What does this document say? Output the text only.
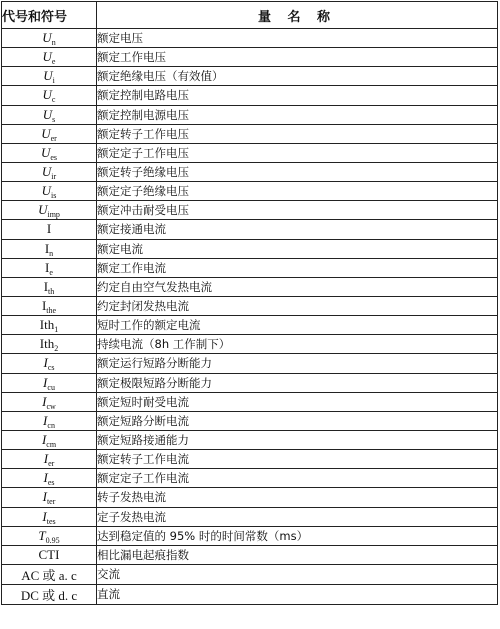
代号和符号	量 名 称
$U_n$	额定电压
$U_e$	额定工作电压
$U_i$	额定绝缘电压（有效值）
$U_c$	额定控制电路电压
$U_s$	额定控制电源电压
$U_{er}$	额定转子工作电压
$U_{es}$	额定定子工作电压
$U_{ir}$	额定转子绝缘电压
$U_{is}$	额定定子绝缘电压
$U_{imp}$	额定冲击耐受电压
I	额定接通电流
$I_n$	额定电流
$I_e$	额定工作电流
$I_{th}$	约定自由空气发热电流
$I_{the}$	约定封闭发热电流
Ith$_1$	短时工作的额定电流
Ith$_2$	持续电流（8h 工作制下）
$I_{cs}$	额定运行短路分断能力
$I_{cu}$	额定极限短路分断能力
$I_{cw}$	额定短时耐受电流
$I_{cn}$	额定短路分断电流
$I_{cm}$	额定短路接通能力
$I_{er}$	额定转子工作电流
$I_{es}$	额定定子工作电流
$I_{ter}$	转子发热电流
$I_{tes}$	定子发热电流
$T_{0.95}$	达到稳定值的 95% 时的时间常数（ms）
CTI	相比漏电起痕指数
AC 或 a. c	交流
DC 或 d. c	直流
